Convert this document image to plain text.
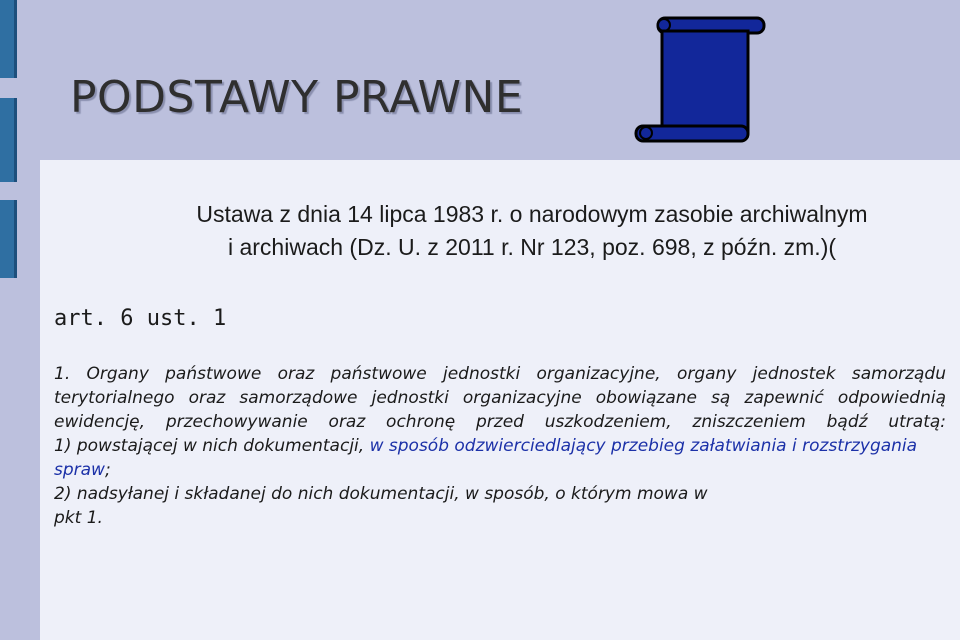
PODSTAWY PRAWNE
Ustawa z dnia 14 lipca 1983 r. o narodowym zasobie archiwalnym
i archiwach (Dz. U. z 2011 r. Nr 123, poz. 698, z późn. zm.)(
art. 6 ust. 1

1. Organy państwowe oraz państwowe jednostki organizacyjne, organy jednostek samorządu terytorialnego oraz samorządowe jednostki organizacyjne obowiązane są zapewnić odpowiednią ewidencję, przechowywanie oraz ochronę przed uszkodzeniem, zniszczeniem bądź utratą:

1) powstającej w nich dokumentacji, w sposób odzwierciedlający przebieg załatwiania i rozstrzygania spraw;

2) nadsyłanej i składanej do nich dokumentacji, w sposób, o którym mowa w
pkt 1.
